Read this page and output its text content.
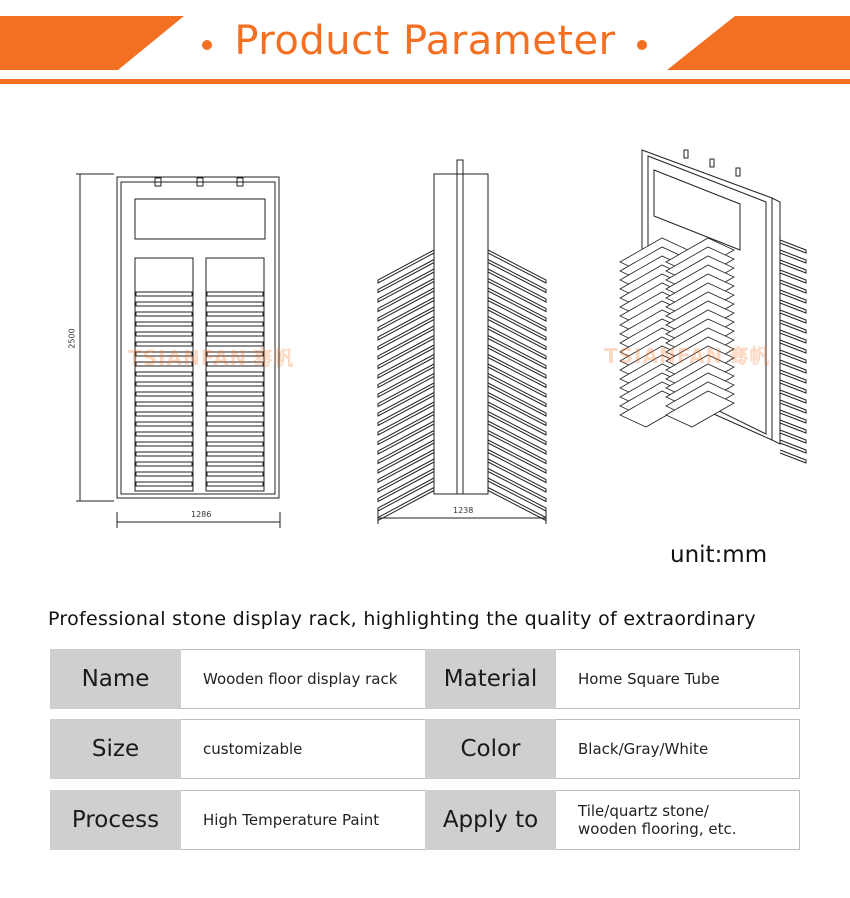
Product Parameter
2500
1286	1238
TSIANFAN 骞帆	TSIANFAN 骞帆
unit:mm
Professional stone display rack, highlighting the quality of extraordinary
Name	Wooden floor display rack	Material	Home Square Tube
Size	customizable	Color	Black/Gray/White
Process	High Temperature Paint	Apply to	Tile/quartz stone/
wooden flooring, etc.
